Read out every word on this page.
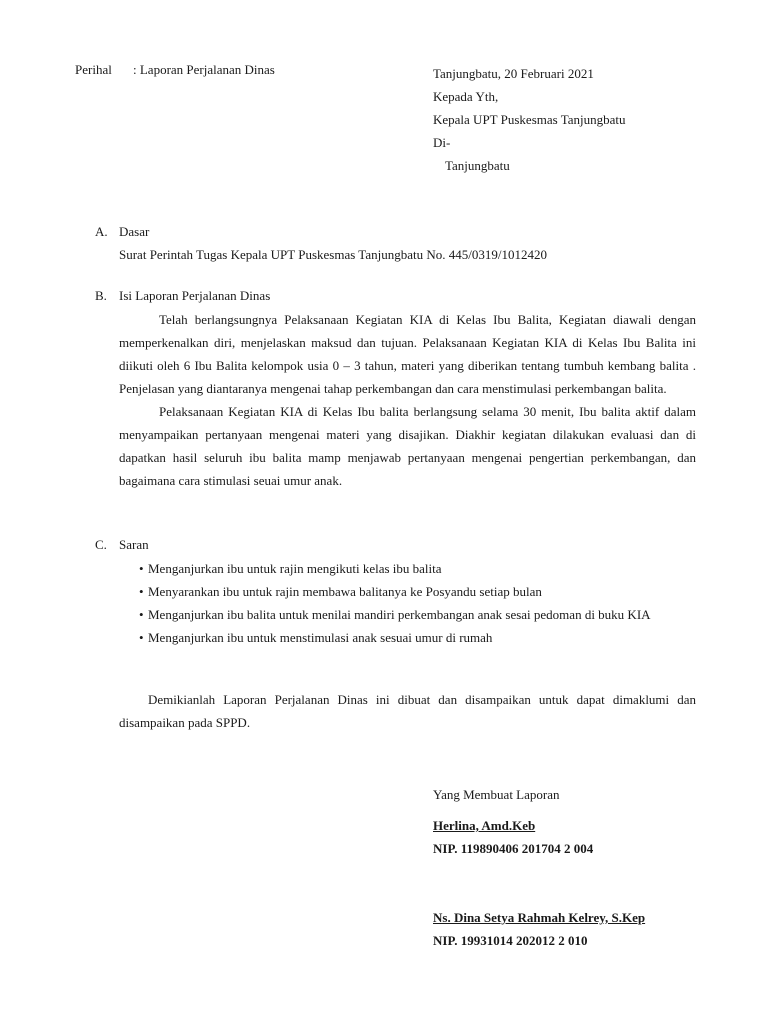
Perihal : Laporan Perjalanan Dinas	Tanjungbatu, 20 Februari 2021
Kepada Yth,
Kepala UPT Puskesmas Tanjungbatu
Di-
Tanjungbatu
A. Dasar
Surat Perintah Tugas Kepala UPT Puskesmas Tanjungbatu No. 445/0319/1012420
B. Isi Laporan Perjalanan Dinas

Telah berlangsungnya Pelaksanaan Kegiatan KIA di Kelas Ibu Balita, Kegiatan diawali dengan memperkenalkan diri, menjelaskan maksud dan tujuan. Pelaksanaan Kegiatan KIA di Kelas Ibu Balita ini diikuti oleh 6 Ibu Balita kelompok usia 0 – 3 tahun, materi yang diberikan tentang tumbuh kembang balita . Penjelasan yang diantaranya mengenai tahap perkembangan dan cara menstimulasi perkembangan balita.

Pelaksanaan Kegiatan KIA di Kelas Ibu balita berlangsung selama 30 menit, Ibu balita aktif dalam menyampaikan pertanyaan mengenai materi yang disajikan. Diakhir kegiatan dilakukan evaluasi dan di dapatkan hasil seluruh ibu balita mamp menjawab pertanyaan mengenai pengertian perkembangan, dan bagaimana cara stimulasi seuai umur anak.

C. Saran
• Menganjurkan ibu untuk rajin mengikuti kelas ibu balita
• Menyarankan ibu untuk rajin membawa balitanya ke Posyandu setiap bulan
• Menganjurkan ibu balita untuk menilai mandiri perkembangan anak sesai pedoman di buku KIA
• Menganjurkan ibu untuk menstimulasi anak sesuai umur di rumah

Demikianlah Laporan Perjalanan Dinas ini dibuat dan disampaikan untuk dapat dimaklumi dan disampaikan pada SPPD.

Yang Membuat Laporan
Herlina, Amd.Keb
NIP. 119890406 201704 2 004
Ns. Dina Setya Rahmah Kelrey, S.Kep
NIP. 19931014 202012 2 010
